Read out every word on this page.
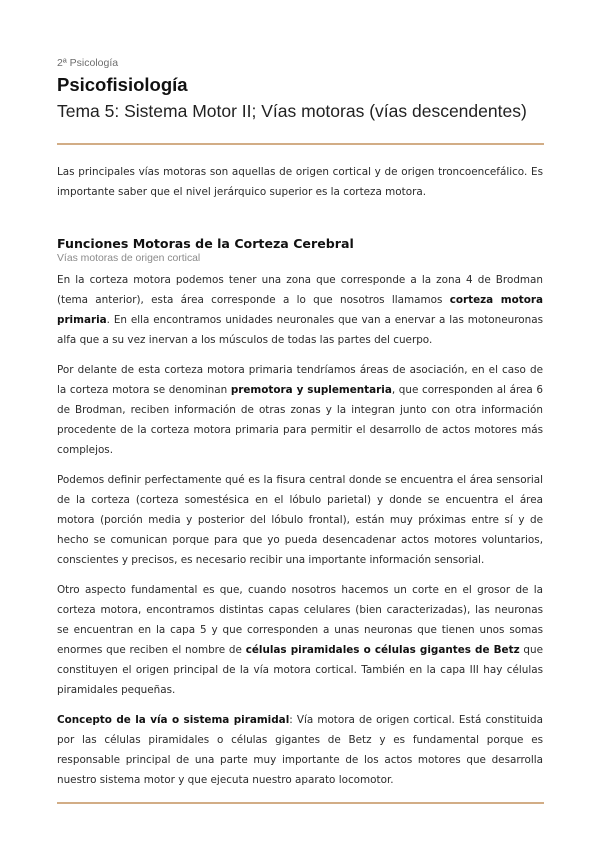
2ª Psicología

Psicofisiología
Tema 5: Sistema Motor II; Vías motoras (vías descendentes)

Las principales vías motoras son aquellas de origen cortical y de origen troncoencefálico. Es importante saber que el nivel jerárquico superior es la corteza motora.

Funciones Motoras de la Corteza Cerebral
Vías motoras de origen cortical

En la corteza motora podemos tener una zona que corresponde a la zona 4 de Brodman (tema anterior), esta área corresponde a lo que nosotros llamamos corteza motora primaria. En ella encontramos unidades neuronales que van a enervar a las motoneuronas alfa que a su vez inervan a los músculos de todas las partes del cuerpo.

Por delante de esta corteza motora primaria tendríamos áreas de asociación, en el caso de la corteza motora se denominan premotora y suplementaria, que corresponden al área 6 de Brodman, reciben información de otras zonas y la integran junto con otra información procedente de la corteza motora primaria para permitir el desarrollo de actos motores más complejos.

Podemos definir perfectamente qué es la fisura central donde se encuentra el área sensorial de la corteza (corteza somestésica en el lóbulo parietal) y donde se encuentra el área motora (porción media y posterior del lóbulo frontal), están muy próximas entre sí y de hecho se comunican porque para que yo pueda desencadenar actos motores voluntarios, conscientes y precisos, es necesario recibir una importante información sensorial.

Otro aspecto fundamental es que, cuando nosotros hacemos un corte en el grosor de la corteza motora, encontramos distintas capas celulares (bien caracterizadas), las neuronas se encuentran en la capa 5 y que corresponden a unas neuronas que tienen unos somas enormes que reciben el nombre de células piramidales o células gigantes de Betz que constituyen el origen principal de la vía motora cortical. También en la capa III hay células piramidales pequeñas.

Concepto de la vía o sistema piramidal: Vía motora de origen cortical. Está constituida por las células piramidales o células gigantes de Betz y es fundamental porque es responsable principal de una parte muy importante de los actos motores que desarrolla nuestro sistema motor y que ejecuta nuestro aparato locomotor.
